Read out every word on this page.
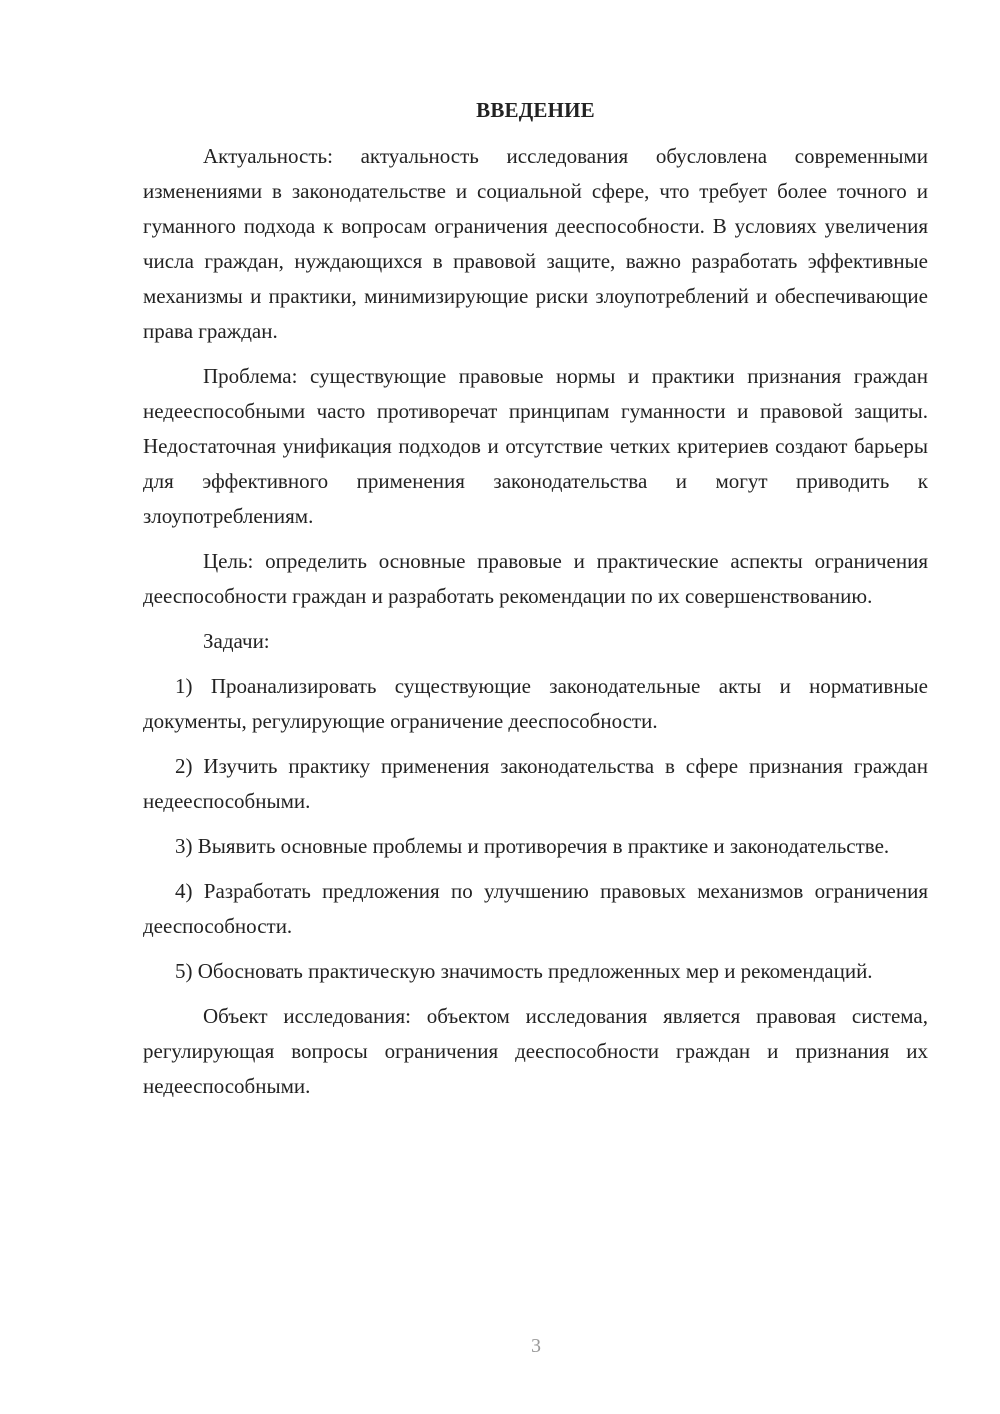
ВВЕДЕНИЕ

Актуальность: актуальность исследования обусловлена современными изменениями в законодательстве и социальной сфере, что требует более точного и гуманного подхода к вопросам ограничения дееспособности. В условиях увеличения числа граждан, нуждающихся в правовой защите, важно разработать эффективные механизмы и практики, минимизирующие риски злоупотреблений и обеспечивающие права граждан.

Проблема: существующие правовые нормы и практики признания граждан недееспособными часто противоречат принципам гуманности и правовой защиты. Недостаточная унификация подходов и отсутствие четких критериев создают барьеры для эффективного применения законодательства и могут приводить к злоупотреблениям.

Цель: определить основные правовые и практические аспекты ограничения дееспособности граждан и разработать рекомендации по их совершенствованию.

Задачи:

1) Проанализировать существующие законодательные акты и нормативные документы, регулирующие ограничение дееспособности.

2) Изучить практику применения законодательства в сфере признания граждан недееспособными.

3) Выявить основные проблемы и противоречия в практике и законодательстве.

4) Разработать предложения по улучшению правовых механизмов ограничения дееспособности.

5) Обосновать практическую значимость предложенных мер и рекомендаций.

Объект исследования: объектом исследования является правовая система, регулирующая вопросы ограничения дееспособности граждан и признания их недееспособными.

3
